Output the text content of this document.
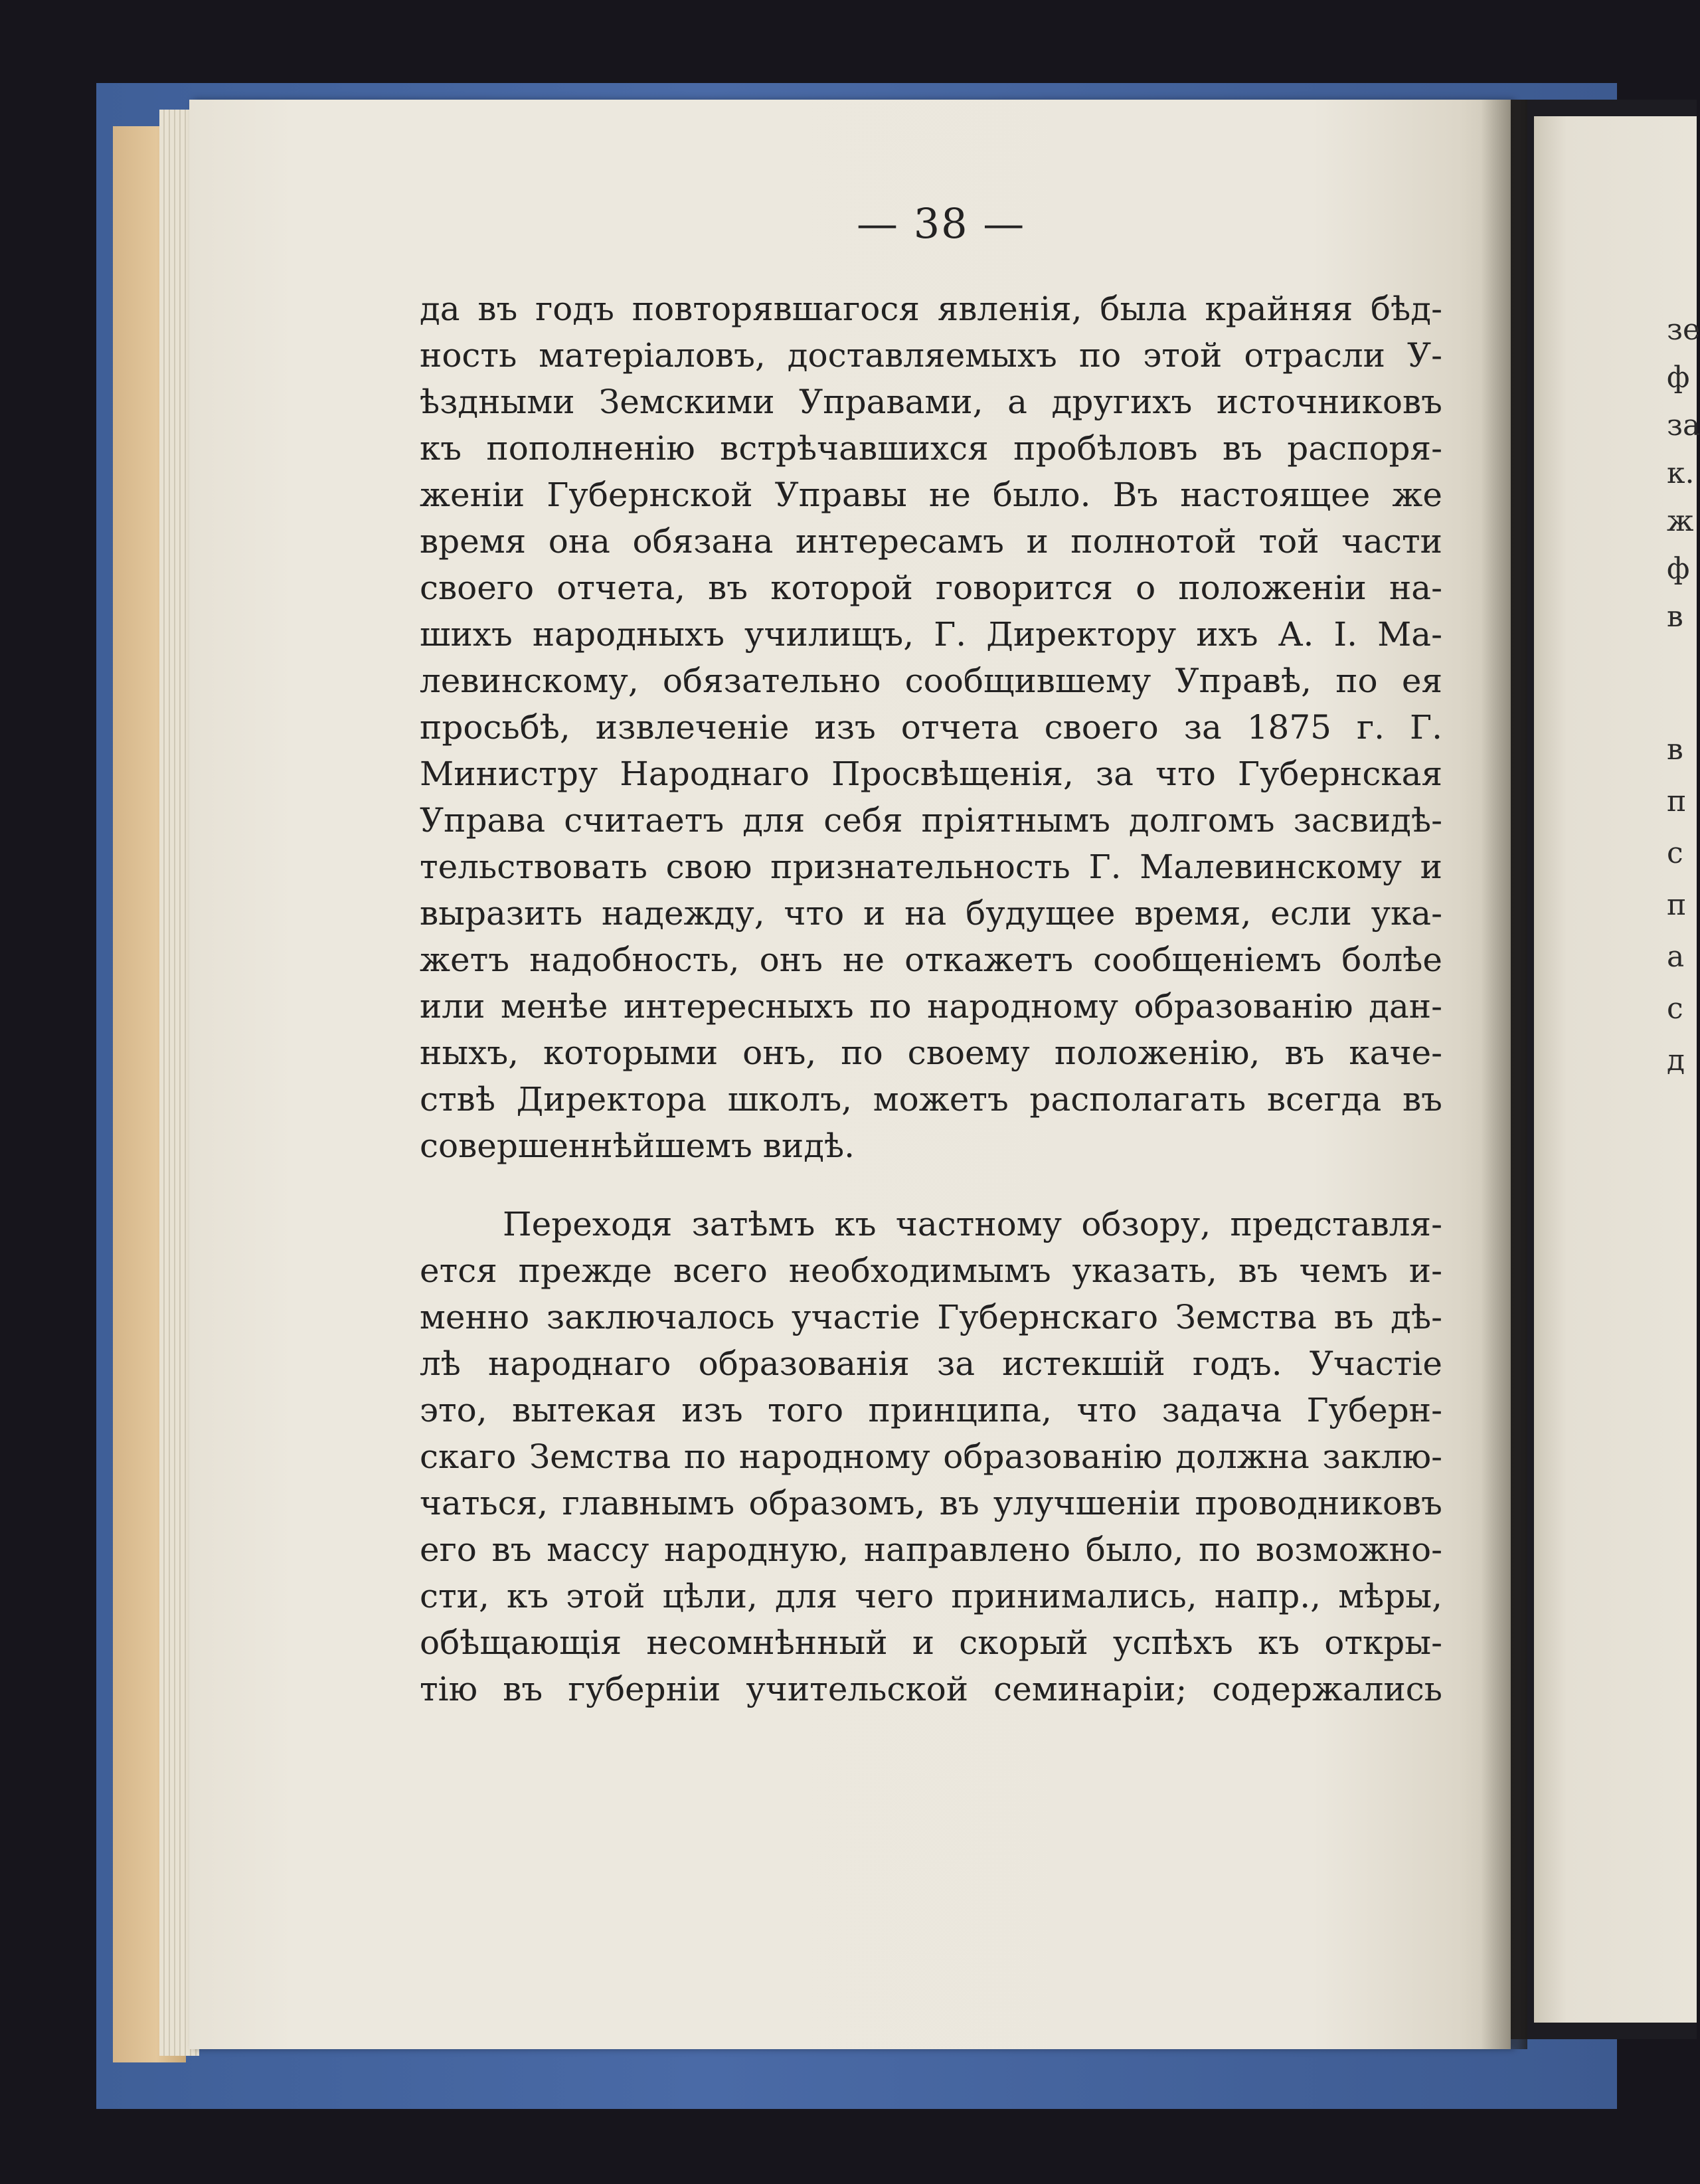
зе
ф
за
к.
ж
ф
в
в
п
с
п
а
с
д
— 38 —
да въ годъ повторявшагося явленія, была крайняя бѣд-
ность матеріаловъ, доставляемыхъ по этой отрасли У-
ѣздными Земскими Управами, а другихъ источниковъ
къ пополненію встрѣчавшихся пробѣловъ въ распоря-
женіи Губернской Управы не было. Въ настоящее же
время она обязана интересамъ и полнотой той части
своего отчета, въ которой говорится о положеніи на-
шихъ народныхъ училищъ, Г. Директору ихъ А. І. Ма-
левинскому, обязательно сообщившему Управѣ, по ея
просьбѣ, извлеченіе изъ отчета своего за 1875 г. Г.
Министру Народнаго Просвѣщенія, за что Губернская
Управа считаетъ для себя пріятнымъ долгомъ засвидѣ-
тельствовать свою признательность Г. Малевинскому и
выразить надежду, что и на будущее время, если ука-
жетъ надобность, онъ не откажетъ сообщеніемъ болѣе
или менѣе интересныхъ по народному образованію дан-
ныхъ, которыми онъ, по своему положенію, въ каче-
ствѣ Директора школъ, можетъ располагать всегда въ
совершеннѣйшемъ видѣ.
Переходя затѣмъ къ частному обзору, представля-
ется прежде всего необходимымъ указать, въ чемъ и-
менно заключалось участіе Губернскаго Земства въ дѣ-
лѣ народнаго образованія за истекшій годъ. Участіе
это, вытекая изъ того принципа, что задача Губерн-
скаго Земства по народному образованію должна заклю-
чаться, главнымъ образомъ, въ улучшеніи проводниковъ
его въ массу народную, направлено было, по возможно-
сти, къ этой цѣли, для чего принимались, напр., мѣры,
обѣщающія несомнѣнный и скорый успѣхъ къ откры-
тію въ губерніи учительской семинаріи; содержались
